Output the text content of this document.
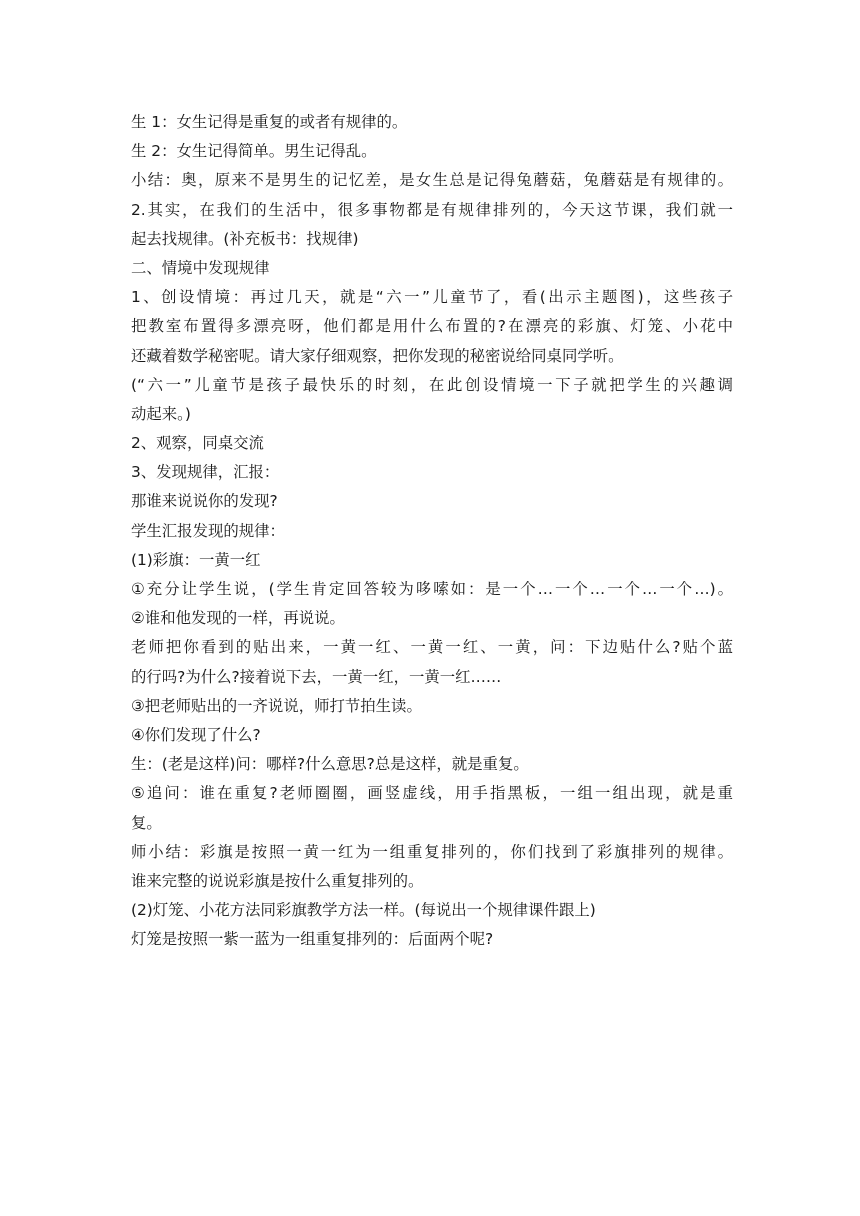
生 1：女生记得是重复的或者有规律的。
生 2：女生记得简单。男生记得乱。
小结：奥，原来不是男生的记忆差，是女生总是记得兔蘑菇，兔蘑菇是有规律的。
2.其实，在我们的生活中，很多事物都是有规律排列的，今天这节课，我们就一
起去找规律。(补充板书：找规律)
二、情境中发现规律
1、创设情境：再过几天，就是“六一”儿童节了，看(出示主题图)，这些孩子
把教室布置得多漂亮呀，他们都是用什么布置的?在漂亮的彩旗、灯笼、小花中
还藏着数学秘密呢。请大家仔细观察，把你发现的秘密说给同桌同学听。
(“六一”儿童节是孩子最快乐的时刻，在此创设情境一下子就把学生的兴趣调
动起来。)
2、观察，同桌交流
3、发现规律，汇报：
那谁来说说你的发现?
学生汇报发现的规律：
(1)彩旗：一黄一红
①充分让学生说，(学生肯定回答较为哆嗦如：是一个…一个…一个…一个…)。
②谁和他发现的一样，再说说。
老师把你看到的贴出来，一黄一红、一黄一红、一黄，问：下边贴什么?贴个蓝
的行吗?为什么?接着说下去，一黄一红，一黄一红……
③把老师贴出的一齐说说，师打节拍生读。
④你们发现了什么?
生：(老是这样)问：哪样?什么意思?总是这样，就是重复。
⑤追问：谁在重复?老师圈圈，画竖虚线，用手指黑板，一组一组出现，就是重
复。
师小结：彩旗是按照一黄一红为一组重复排列的，你们找到了彩旗排列的规律。
谁来完整的说说彩旗是按什么重复排列的。
(2)灯笼、小花方法同彩旗教学方法一样。(每说出一个规律课件跟上)
灯笼是按照一紫一蓝为一组重复排列的：后面两个呢?
